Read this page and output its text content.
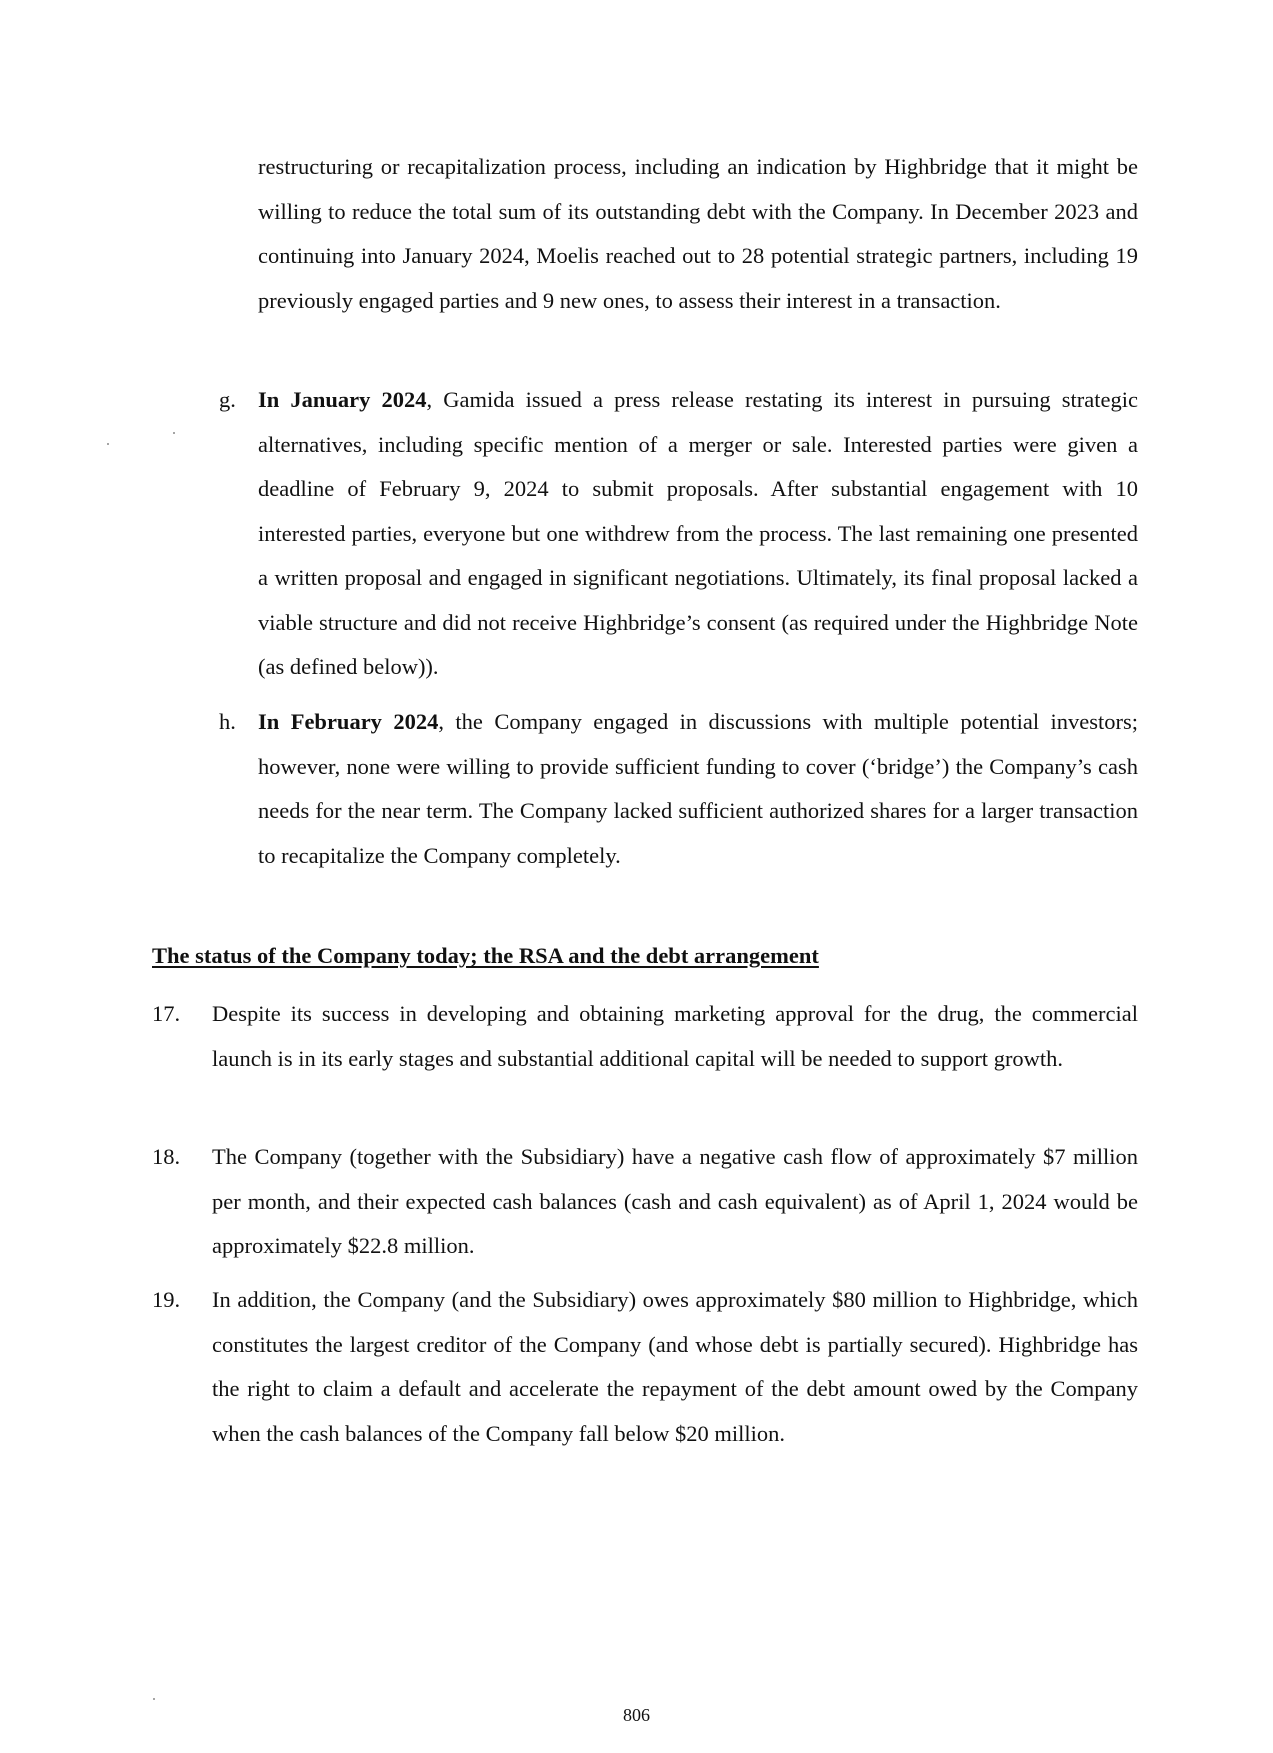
restructuring or recapitalization process, including an indication by Highbridge that it might be willing to reduce the total sum of its outstanding debt with the Company. In December 2023 and continuing into January 2024, Moelis reached out to 28 potential strategic partners, including 19 previously engaged parties and 9 new ones, to assess their interest in a transaction.

g. In January 2024, Gamida issued a press release restating its interest in pursuing strategic alternatives, including specific mention of a merger or sale. Interested parties were given a deadline of February 9, 2024 to submit proposals. After substantial engagement with 10 interested parties, everyone but one withdrew from the process. The last remaining one presented a written proposal and engaged in significant negotiations. Ultimately, its final proposal lacked a viable structure and did not receive Highbridge’s consent (as required under the Highbridge Note (as defined below)).

h. In February 2024, the Company engaged in discussions with multiple potential investors; however, none were willing to provide sufficient funding to cover (‘bridge’) the Company’s cash needs for the near term. The Company lacked sufficient authorized shares for a larger transaction to recapitalize the Company completely.

The status of the Company today; the RSA and the debt arrangement
17. Despite its success in developing and obtaining marketing approval for the drug, the commercial launch is in its early stages and substantial additional capital will be needed to support growth.

18. The Company (together with the Subsidiary) have a negative cash flow of approximately $7 million per month, and their expected cash balances (cash and cash equivalent) as of April 1, 2024 would be approximately $22.8 million.

19. In addition, the Company (and the Subsidiary) owes approximately $80 million to Highbridge, which constitutes the largest creditor of the Company (and whose debt is partially secured). Highbridge has the right to claim a default and accelerate the repayment of the debt amount owed by the Company when the cash balances of the Company fall below $20 million.

806
